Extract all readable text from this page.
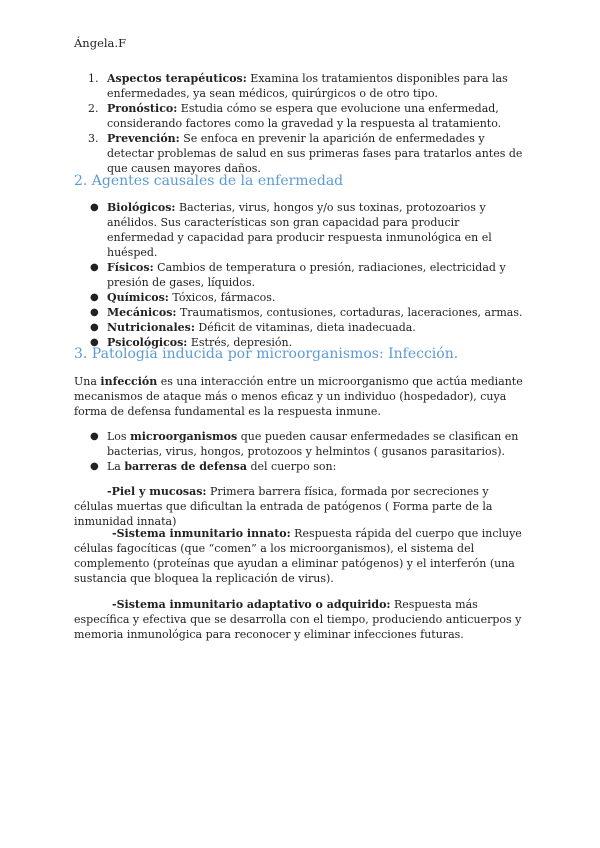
Ángela.F
1. Aspectos terapéuticos: Examina los tratamientos disponibles para las enfermedades, ya sean médicos, quirúrgicos o de otro tipo.
2. Pronóstico: Estudia cómo se espera que evolucione una enfermedad, considerando factores como la gravedad y la respuesta al tratamiento.
3. Prevención: Se enfoca en prevenir la aparición de enfermedades y detectar problemas de salud en sus primeras fases para tratarlos antes de que causen mayores daños.
2. Agentes causales de la enfermedad
● Biológicos: Bacterias, virus, hongos y/o sus toxinas, protozoarios y anélidos. Sus características son gran capacidad para producir enfermedad y capacidad para producir respuesta inmunológica en el huésped.
● Físicos: Cambios de temperatura o presión, radiaciones, electricidad y presión de gases, líquidos.
● Químicos: Tóxicos, fármacos.
● Mecánicos: Traumatismos, contusiones, cortaduras, laceraciones, armas.
● Nutricionales: Déficit de vitaminas, dieta inadecuada.
● Psicológicos: Estrés, depresión.
3. Patología inducida por microorganismos: Infección.

Una infección es una interacción entre un microorganismo que actúa mediante mecanismos de ataque más o menos eficaz y un individuo (hospedador), cuya forma de defensa fundamental es la respuesta inmune.

● Los microorganismos que pueden causar enfermedades se clasifican en bacterias, virus, hongos, protozoos y helmintos ( gusanos parasitarios).
● La barreras de defensa del cuerpo son:

-Piel y mucosas: Primera barrera física, formada por secreciones y células muertas que dificultan la entrada de patógenos ( Forma parte de la inmunidad innata)

-Sistema inmunitario innato: Respuesta rápida del cuerpo que incluye células fagocíticas (que “comen” a los microorganismos), el sistema del complemento (proteínas que ayudan a eliminar patógenos) y el interferón (una sustancia que bloquea la replicación de virus).

-Sistema inmunitario adaptativo o adquirido: Respuesta más específica y efectiva que se desarrolla con el tiempo, produciendo anticuerpos y memoria inmunológica para reconocer y eliminar infecciones futuras.
